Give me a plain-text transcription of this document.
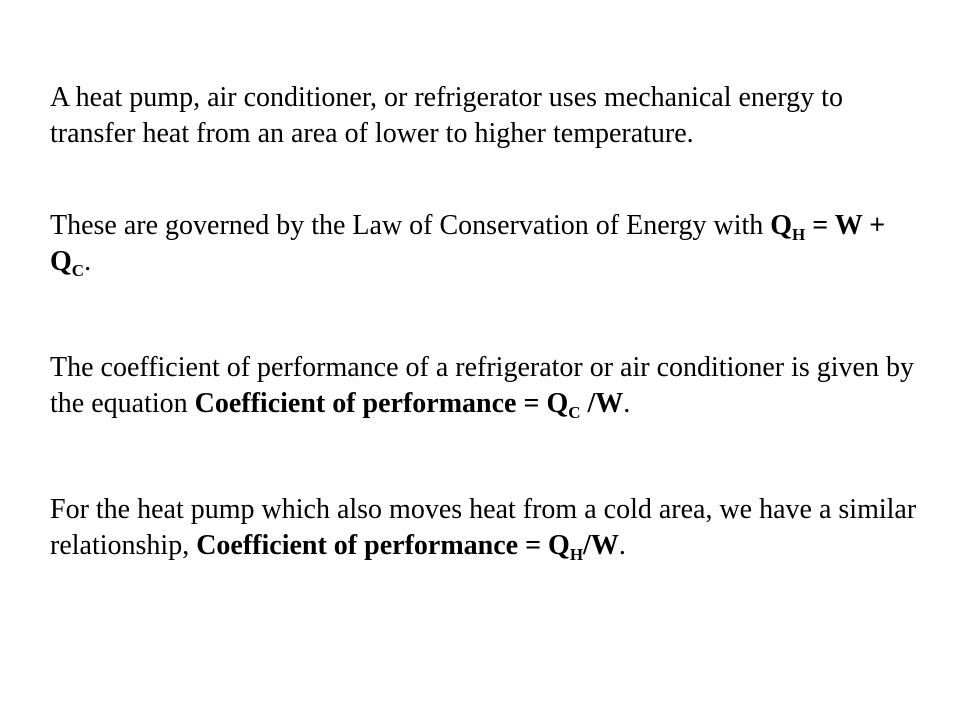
A heat pump, air conditioner, or refrigerator uses mechanical energy to transfer heat from an area of lower to higher temperature.

These are governed by the Law of Conservation of Energy with $Q_H = W + Q_C$.

The coefficient of performance of a refrigerator or air conditioner is given by the equation Coefficient of performance = $Q_C$ /W.

For the heat pump which also moves heat from a cold area, we have a similar relationship, Coefficient of performance = $Q_H/W$.
